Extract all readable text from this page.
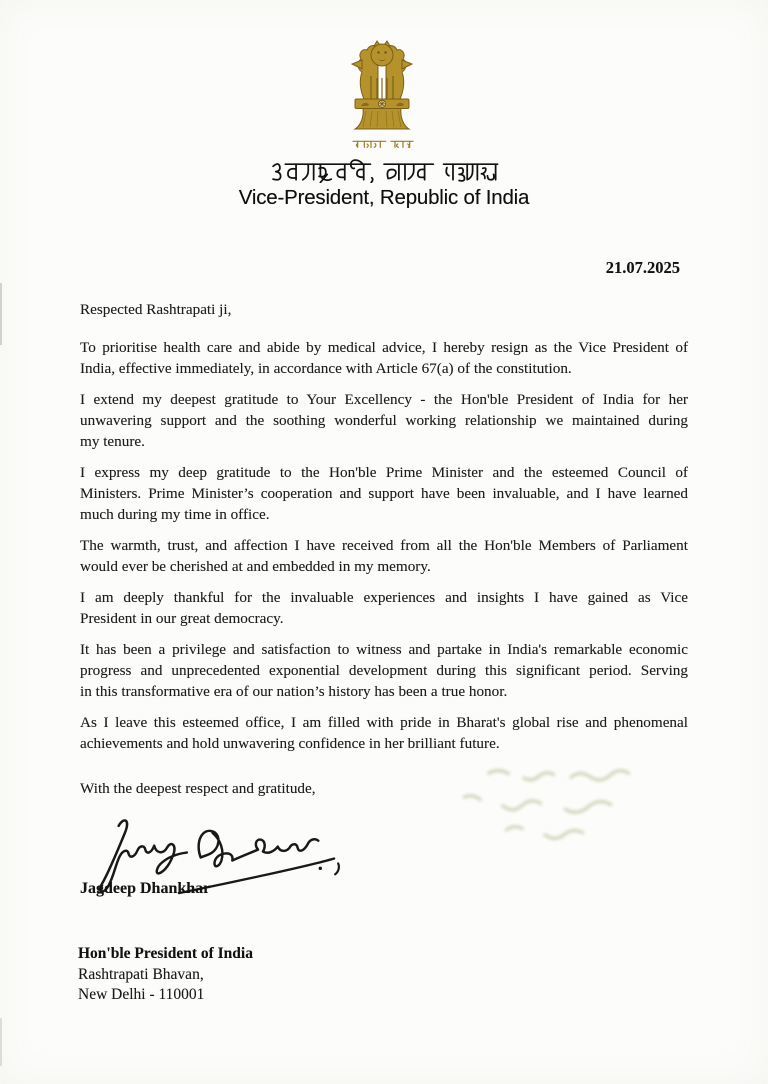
Vice-President, Republic of India
21.07.2025

Respected Rashtrapati ji,

To prioritise health care and abide by medical advice, I hereby resign as the Vice President of
India, effective immediately, in accordance with Article 67(a) of the constitution.

I extend my deepest gratitude to Your Excellency - the Hon'ble President of India for her
unwavering support and the soothing wonderful working relationship we maintained during
my tenure.

I express my deep gratitude to the Hon'ble Prime Minister and the esteemed Council of
Ministers. Prime Minister’s cooperation and support have been invaluable, and I have learned
much during my time in office.

The warmth, trust, and affection I have received from all the Hon'ble Members of Parliament
would ever be cherished at and embedded in my memory.

I am deeply thankful for the invaluable experiences and insights I have gained as Vice
President in our great democracy.

It has been a privilege and satisfaction to witness and partake in India's remarkable economic
progress and unprecedented exponential development during this significant period. Serving
in this transformative era of our nation’s history has been a true honor.

As I leave this esteemed office, I am filled with pride in Bharat's global rise and phenomenal
achievements and hold unwavering confidence in her brilliant future.

With the deepest respect and gratitude,
Jagdeep Dhankhar
Hon'ble President of India
Rashtrapati Bhavan,
New Delhi - 110001
